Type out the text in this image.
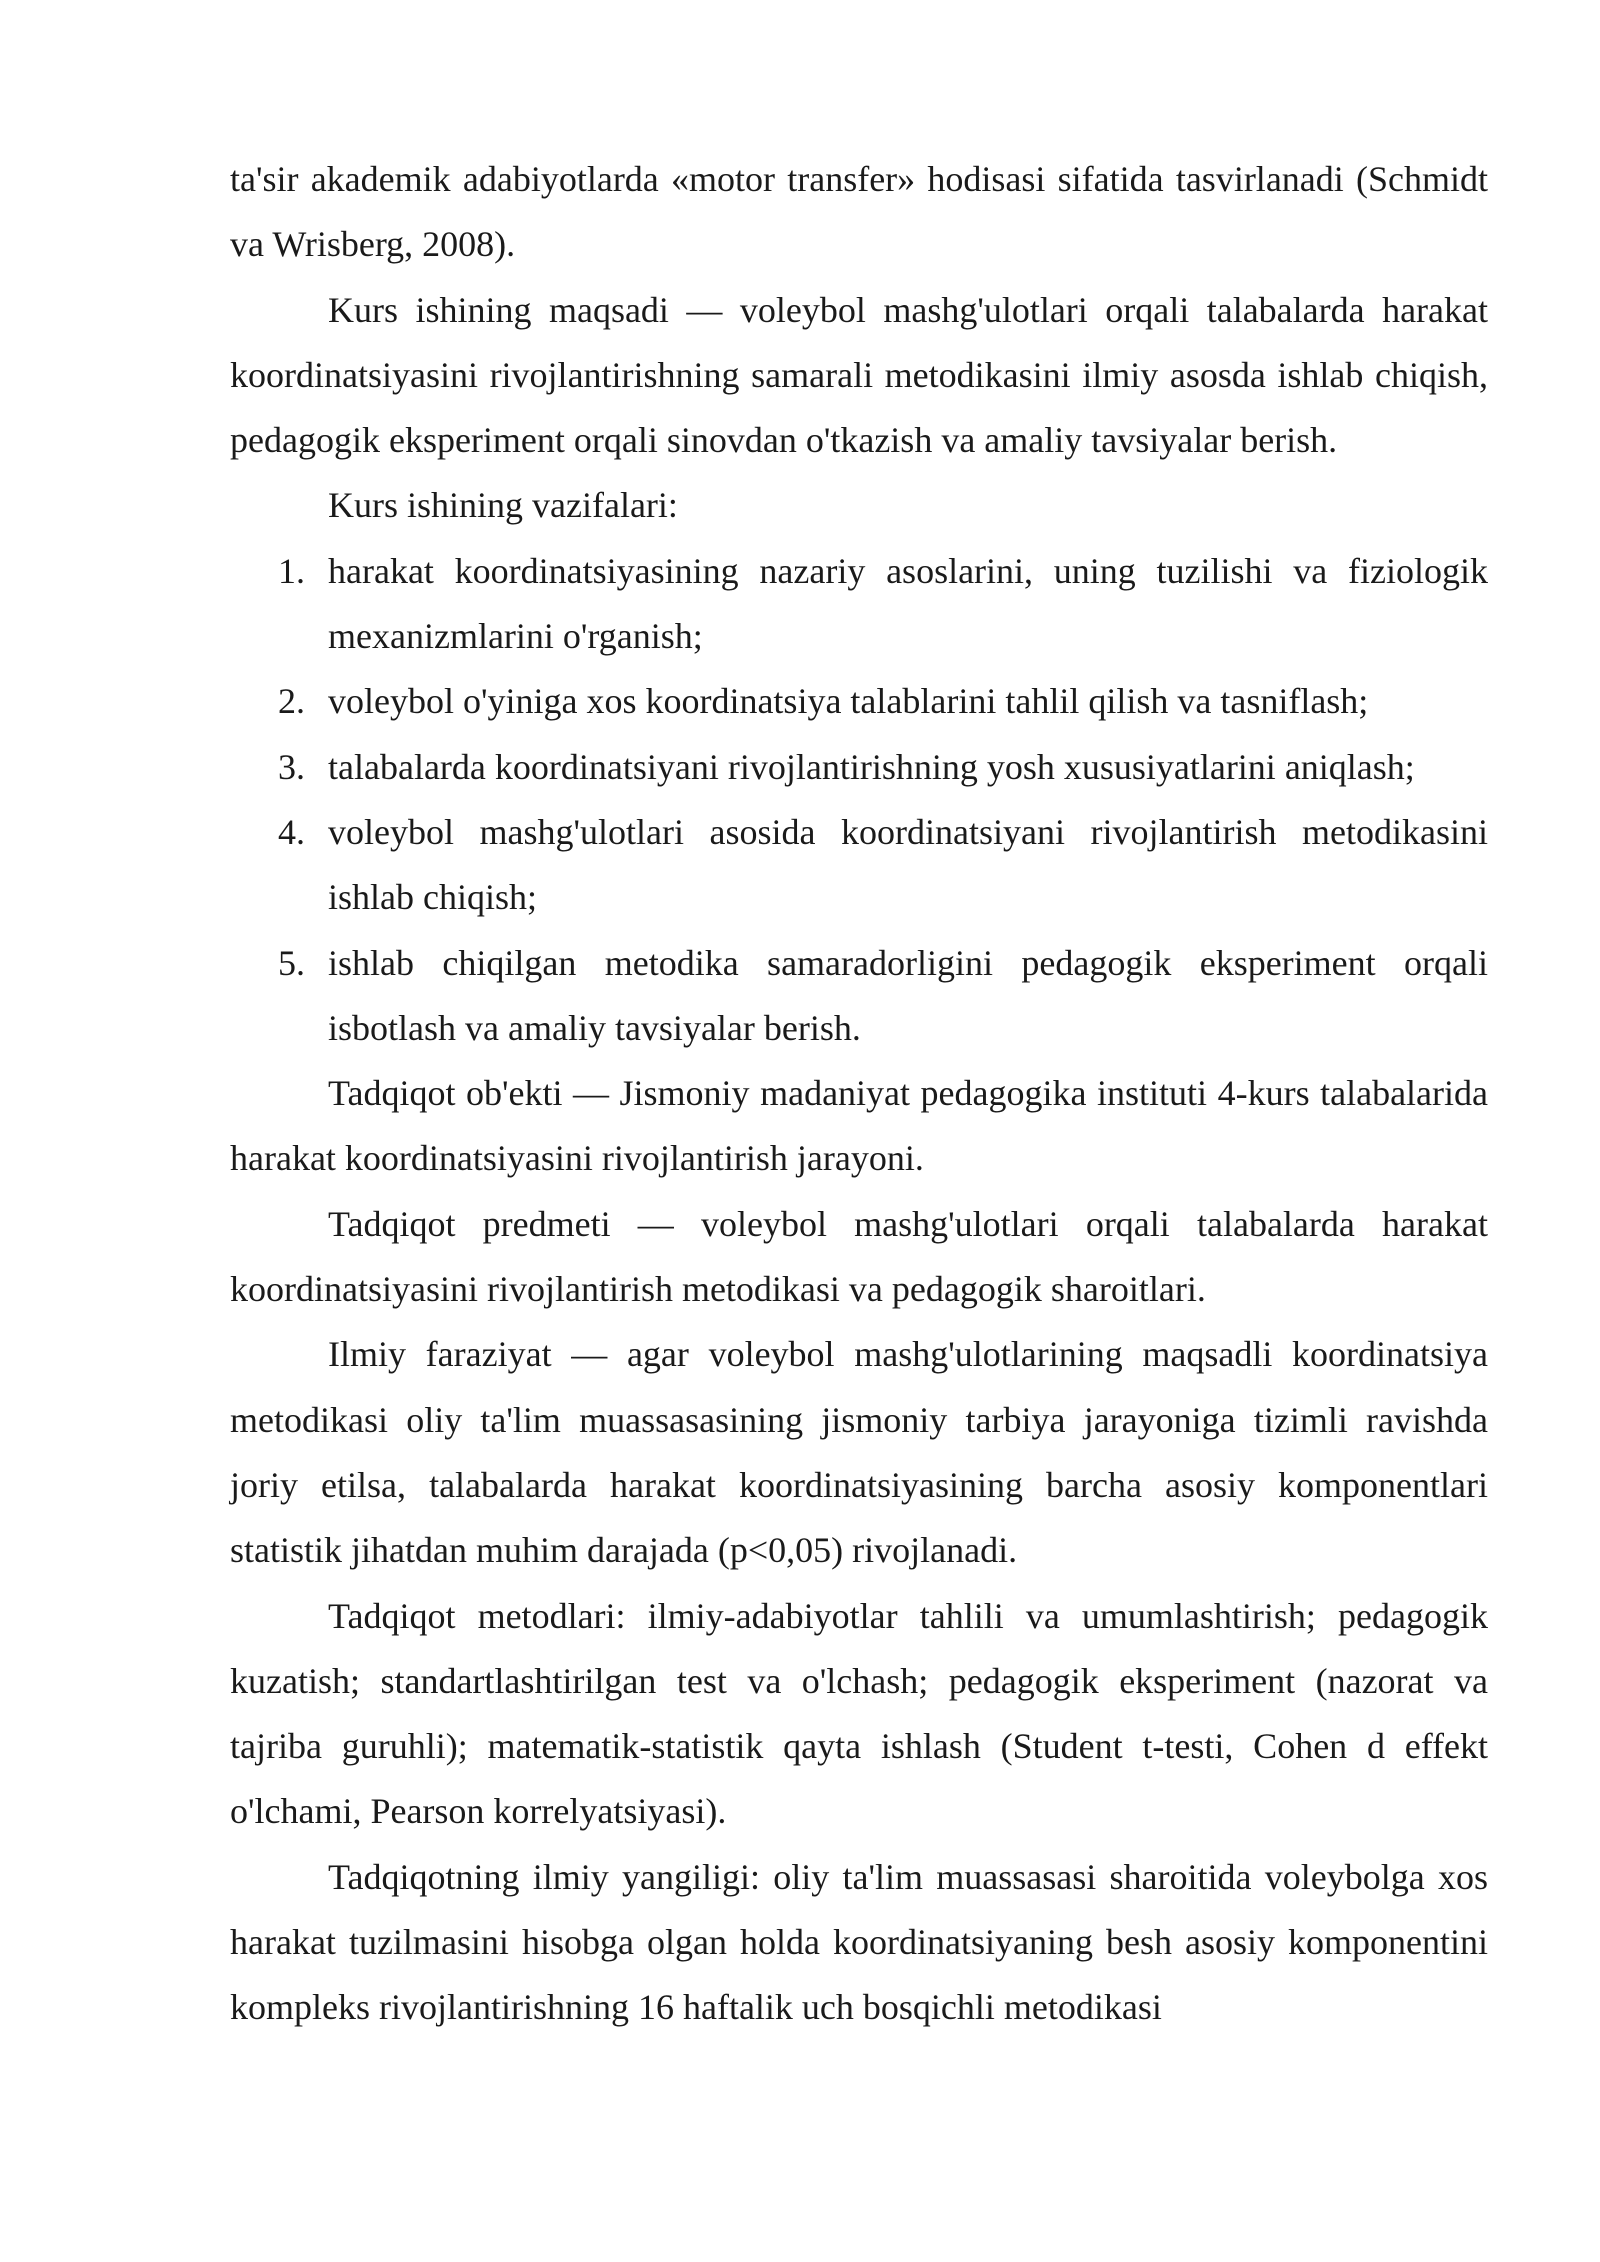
ta'sir akademik adabiyotlarda «motor transfer» hodisasi sifatida tasvirlanadi (Schmidt va Wrisberg, 2008).

Kurs ishining maqsadi — voleybol mashg'ulotlari orqali talabalarda harakat koordinatsiyasini rivojlantirishning samarali metodikasini ilmiy asosda ishlab chiqish, pedagogik eksperiment orqali sinovdan o'tkazish va amaliy tavsiyalar berish.

Kurs ishining vazifalari:

1. harakat koordinatsiyasining nazariy asoslarini, uning tuzilishi va fiziologik mexanizmlarini o'rganish;
2. voleybol o'yiniga xos koordinatsiya talablarini tahlil qilish va tasniflash;
3. talabalarda koordinatsiyani rivojlantirishning yosh xususiyatlarini aniqlash;
4. voleybol mashg'ulotlari asosida koordinatsiyani rivojlantirish metodikasini ishlab chiqish;
5. ishlab chiqilgan metodika samaradorligini pedagogik eksperiment orqali isbotlash va amaliy tavsiyalar berish.

Tadqiqot ob'ekti — Jismoniy madaniyat pedagogika instituti 4-kurs talabalarida harakat koordinatsiyasini rivojlantirish jarayoni.

Tadqiqot predmeti — voleybol mashg'ulotlari orqali talabalarda harakat koordinatsiyasini rivojlantirish metodikasi va pedagogik sharoitlari.

Ilmiy faraziyat — agar voleybol mashg'ulotlarining maqsadli koordinatsiya metodikasi oliy ta'lim muassasasining jismoniy tarbiya jarayoniga tizimli ravishda joriy etilsa, talabalarda harakat koordinatsiyasining barcha asosiy komponentlari statistik jihatdan muhim darajada (p<0,05) rivojlanadi.

Tadqiqot metodlari: ilmiy-adabiyotlar tahlili va umumlashtirish; pedagogik kuzatish; standartlashtirilgan test va o'lchash; pedagogik eksperiment (nazorat va tajriba guruhli); matematik-statistik qayta ishlash (Student t-testi, Cohen d effekt o'lchami, Pearson korrelyatsiyasi).

Tadqiqotning ilmiy yangiligi: oliy ta'lim muassasasi sharoitida voleybolga xos harakat tuzilmasini hisobga olgan holda koordinatsiyaning besh asosiy komponentini kompleks rivojlantirishning 16 haftalik uch bosqichli metodikasi
